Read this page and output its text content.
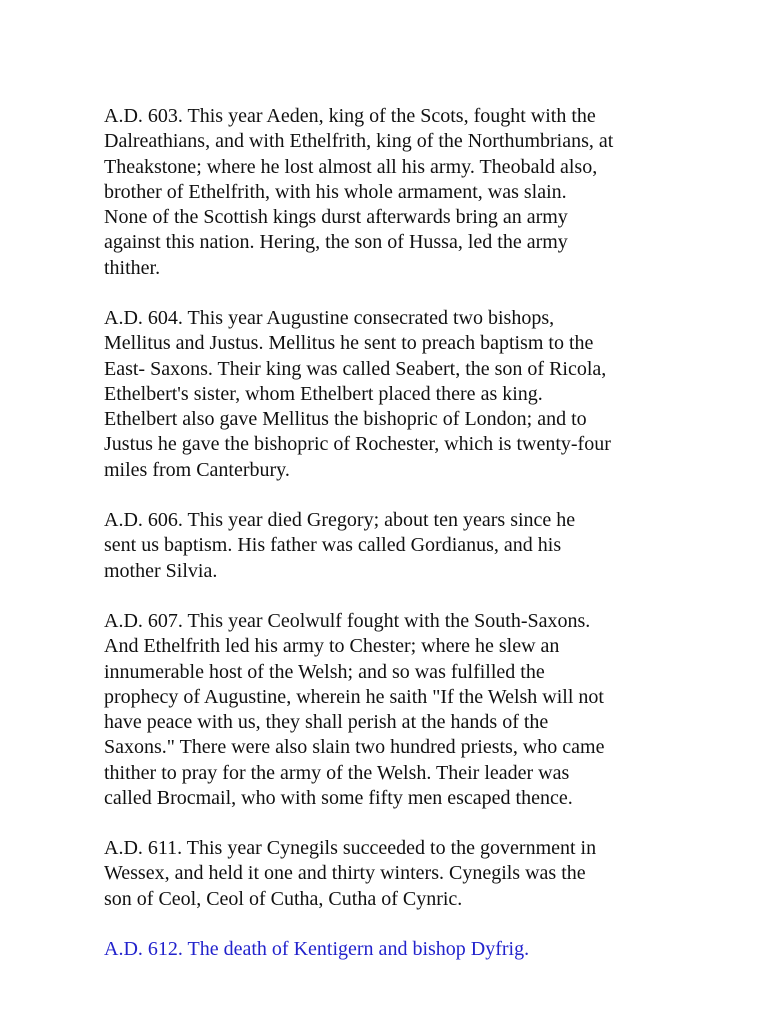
A.D. 603. This year Aeden, king of the Scots, fought with the
Dalreathians, and with Ethelfrith, king of the Northumbrians, at
Theakstone; where he lost almost all his army. Theobald also,
brother of Ethelfrith, with his whole armament, was slain.
None of the Scottish kings durst afterwards bring an army
against this nation. Hering, the son of Hussa, led the army
thither.

A.D. 604. This year Augustine consecrated two bishops,
Mellitus and Justus. Mellitus he sent to preach baptism to the
East- Saxons. Their king was called Seabert, the son of Ricola,
Ethelbert's sister, whom Ethelbert placed there as king.
Ethelbert also gave Mellitus the bishopric of London; and to
Justus he gave the bishopric of Rochester, which is twenty-four
miles from Canterbury.

A.D. 606. This year died Gregory; about ten years since he
sent us baptism. His father was called Gordianus, and his
mother Silvia.

A.D. 607. This year Ceolwulf fought with the South-Saxons.
And Ethelfrith led his army to Chester; where he slew an
innumerable host of the Welsh; and so was fulfilled the
prophecy of Augustine, wherein he saith "If the Welsh will not
have peace with us, they shall perish at the hands of the
Saxons." There were also slain two hundred priests, who came
thither to pray for the army of the Welsh. Their leader was
called Brocmail, who with some fifty men escaped thence.

A.D. 611. This year Cynegils succeeded to the government in
Wessex, and held it one and thirty winters. Cynegils was the
son of Ceol, Ceol of Cutha, Cutha of Cynric.

A.D. 612. The death of Kentigern and bishop Dyfrig.
